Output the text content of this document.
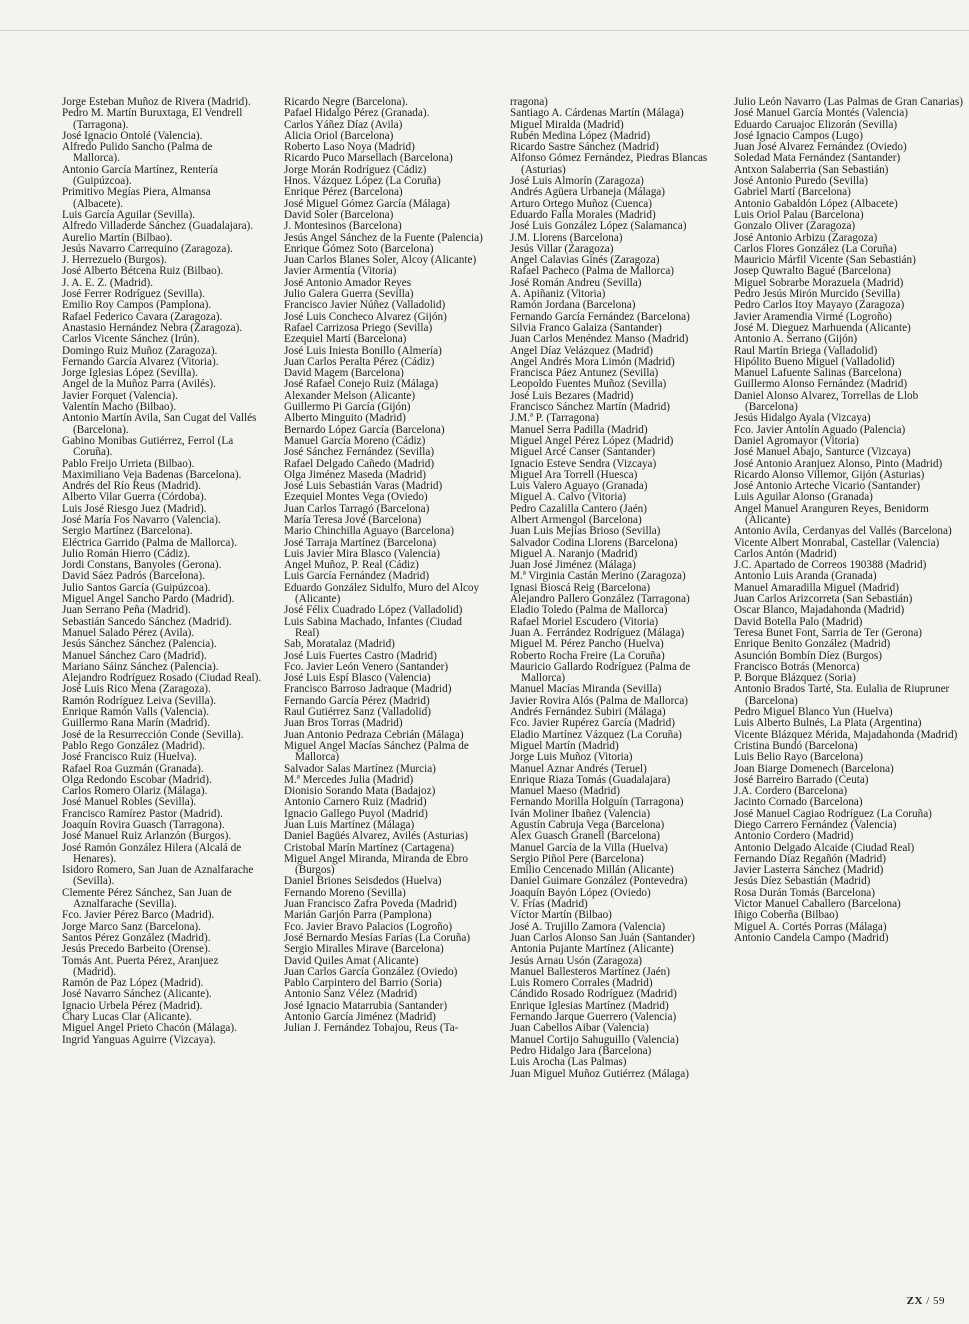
Jorge Esteban Muñoz de Rivera (Madrid).
Pedro M. Martín Buruxtaga, El Vendrell (Tarragona).
José Ignacio Ontolé (Valencia).
Alfredo Pulido Sancho (Palma de Mallorca).
Antonio García Martínez, Rentería (Guipúzcoa).
Primitivo Megías Piera, Almansa (Albacete).
Luis García Aguilar (Sevilla).
Alfredo Villaderde Sánchez (Guadalajara).
Aurelio Martín (Bilbao).
Jesús Navarro Carrequino (Zaragoza).
J. Herrezuelo (Burgos).
José Alberto Bétcena Ruiz (Bilbao).
J. A. E. Z. (Madrid).
José Ferrer Rodríguez (Sevilla).
Emilio Roy Campos (Pamplona).
Rafael Federico Cavara (Zaragoza).
Anastasio Hernández Nebra (Zaragoza).
Carlos Vicente Sánchez (Irún).
Domingo Ruiz Muñoz (Zaragoza).
Fernando García Alvarez (Vitoria).
Jorge Iglesias López (Sevilla).
Angel de la Muñoz Parra (Avilés).
Javier Forquet (Valencia).
Valentín Macho (Bilbao).
Antonio Martín Avila, San Cugat del Vallés (Barcelona).
Gabino Monibas Gutiérrez, Ferrol (La Coruña).
Pablo Freijo Urrieta (Bilbao).
Maximiliano Veja Badenas (Barcelona).
Andrés del Río Reus (Madrid).
Alberto Vilar Guerra (Córdoba).
Luis José Riesgo Juez (Madrid).
José María Fos Navarro (Valencia).
Sergio Martínez (Barcelona).
Eléctrica Garrido (Palma de Mallorca).
Julio Román Hierro (Cádiz).
Jordi Constans, Banyoles (Gerona).
David Sáez Padrós (Barcelona).
Julio Santos García (Guipúzcoa).
Miguel Angel Sancho Pardo (Madrid).
Juan Serrano Peña (Madrid).
Sebastián Sancedo Sánchez (Madrid).
Manuel Salado Pérez (Avila).
Jesús Sánchez Sánchez (Palencia).
Manuel Sánchez Caro (Madrid).
Mariano Sáinz Sánchez (Palencia).
Alejandro Rodríguez Rosado (Ciudad Real).
José Luis Rico Mena (Zaragoza).
Ramón Rodríguez Leiva (Sevilla).
Enrique Ramón Valls (Valencia).
Guillermo Rana Marín (Madrid).
José de la Resurrección Conde (Sevilla).
Pablo Rego González (Madrid).
José Francisco Ruiz (Huelva).
Rafael Roa Guzmán (Granada).
Olga Redondo Escobar (Madrid).
Carlos Romero Olariz (Málaga).
José Manuel Robles (Sevilla).
Francisco Ramírez Pastor (Madrid).
Joaquín Rovira Guasch (Tarragona).
José Manuel Ruiz Arlanzón (Burgos).
José Ramón González Hilera (Alcalá de Henares).
Isidoro Romero, San Juan de Aznalfarache (Sevilla).
Clemente Pérez Sánchez, San Juan de Aznalfarache (Sevilla).
Fco. Javier Pérez Barco (Madrid).
Jorge Marco Sanz (Barcelona).
Santos Pérez González (Madrid).
Jesús Precedo Barbeito (Orense).
Tomás Ant. Puerta Pérez, Aranjuez (Madrid).
Ramón de Paz López (Madrid).
José Navarro Sánchez (Alicante).
Ignacio Urbela Pérez (Madrid).
Chary Lucas Clar (Alicante).
Miguel Angel Prieto Chacón (Málaga).
Ingrid Yanguas Aguirre (Vizcaya).
Ricardo Negre (Barcelona).
Pafael Hidalgo Pérez (Granada).
Carlos Yáñez Díaz (Avila)
Alicia Oriol (Barcelona)
Roberto Laso Noya (Madrid)
Ricardo Puco Marsellach (Barcelona)
Jorge Morán Rodríguez (Cádiz)
Hnos. Vázquez López (La Coruña)
Enrique Pérez (Barcelona)
José Miguel Gómez García (Málaga)
David Soler (Barcelona)
J. Montesinos (Barcelona)
Jesús Angel Sánchez de la Fuente (Palencia)
Enrique Gómez Soto (Barcelona)
Juan Carlos Blanes Soler, Alcoy (Alicante)
Javier Armentía (Vitoria)
José Antonio Amador Reyes
Julio Galera Guerra (Sevilla)
Francisco Javier Núñez (Valladolid)
José Luis Concheco Alvarez (Gijón)
Rafael Carrizosa Priego (Sevilla)
Ezequiel Martí (Barcelona)
José Luis Iniesta Bonillo (Almería)
Juan Carlos Peralta Pérez (Cádiz)
David Magem (Barcelona)
José Rafael Conejo Ruiz (Málaga)
Alexander Melson (Alicante)
Guillermo Pi García (Gijón)
Alberto Minguito (Madrid)
Bernardo López García (Barcelona)
Manuel García Moreno (Cádiz)
José Sánchez Fernández (Sevilla)
Rafael Delgado Cañedo (Madrid)
Olga Jiménez Maseda (Madrid)
José Luis Sebastián Varas (Madrid)
Ezequiel Montes Vega (Oviedo)
Juan Carlos Tarragó (Barcelona)
María Teresa Jové (Barcelona)
Mario Chinchilla Aguayo (Barcelona)
José Tarraja Martínez (Barcelona)
Luis Javier Mira Blasco (Valencia)
Angel Muñoz, P. Real (Cádiz)
Luis García Fernández (Madrid)
Eduardo González Sidulfo, Muro del Alcoy (Alicante)
José Félix Cuadrado López (Valladolid)
Luis Sabina Machado, Infantes (Ciudad Real)
Sab, Moratalaz (Madrid)
José Luis Fuertes Castro (Madrid)
Fco. Javier León Venero (Santander)
José Luis Espí Blasco (Valencia)
Francisco Barroso Jadraque (Madrid)
Fernando García Pérez (Madrid)
Raul Gutiérrez Sanz (Valladolid)
Juan Bros Torras (Madrid)
Juan Antonio Pedraza Cebrián (Málaga)
Miguel Angel Macías Sánchez (Palma de Mallorca)
Salvador Salas Martínez (Murcia)
M.ª Mercedes Julia (Madrid)
Dionisio Sorando Mata (Badajoz)
Antonio Carnero Ruiz (Madrid)
Ignacio Gallego Puyol (Madrid)
Juan Luis Martínez (Málaga)
Daniel Bagüés Alvarez, Avilés (Asturias)
Cristobal Marín Martínez (Cartagena)
Miguel Angel Miranda, Miranda de Ebro (Burgos)
Daniel Briones Seisdedos (Huelva)
Fernando Moreno (Sevilla)
Juan Francisco Zafra Poveda (Madrid)
Marián Garjón Parra (Pamplona)
Fco. Javier Bravo Palacios (Logroño)
José Bernardo Mesías Farías (La Coruña)
Sergio Miralles Mirave (Barcelona)
David Quiles Amat (Alicante)
Juan Carlos García González (Oviedo)
Pablo Carpintero del Barrio (Soria)
Antonio Sanz Vélez (Madrid)
José Ignacio Matarrubia (Santander)
Antonio García Jiménez (Madrid)
Julian J. Fernández Tobajou, Reus (Ta-
rragona)
Santiago A. Cárdenas Martín (Málaga)
Miguel Miralda (Madrid)
Rubén Medina López (Madrid)
Ricardo Sastre Sánchez (Madrid)
Alfonso Gómez Fernández, Piedras Blancas (Asturias)
José Luis Almorín (Zaragoza)
Andrés Agüera Urbaneja (Málaga)
Arturo Ortego Muñoz (Cuenca)
Eduardo Falla Morales (Madrid)
José Luis González López (Salamanca)
J.M. Llorens (Barcelona)
Jesús Villar (Zaragoza)
Angel Calavias Ginés (Zaragoza)
Rafael Pacheco (Palma de Mallorca)
José Román Andreu (Sevilla)
A. Apiñaniz (Vitoria)
Ramón Jordana (Barcelona)
Fernando García Fernández (Barcelona)
Silvia Franco Galaiza (Santander)
Juan Carlos Menéndez Manso (Madrid)
Angel Díaz Velázquez (Madrid)
Angel Andrés Mora Limón (Madrid)
Francisca Páez Antunez (Sevilla)
Leopoldo Fuentes Muñoz (Sevilla)
José Luis Bezares (Madrid)
Francisco Sánchez Martín (Madrid)
J.M.ª P. (Tarragona)
Manuel Serra Padilla (Madrid)
Miguel Angel Pérez López (Madrid)
Miguel Arcé Canser (Santander)
Ignacio Esteve Sendra (Vizcaya)
Miguel Ara Torrell (Huesca)
Luis Valero Aguayo (Granada)
Miguel A. Calvo (Vitoria)
Pedro Cazalilla Cantero (Jaén)
Albert Armengol (Barcelona)
Juan Luis Mejías Brioso (Sevilla)
Salvador Codina Llorens (Barcelona)
Miguel A. Naranjo (Madrid)
Juan José Jiménez (Málaga)
M.ª Virginia Castán Merino (Zaragoza)
Ignasi Bioscá Reig (Barcelona)
Alejandro Pallero González (Tarragona)
Eladio Toledo (Palma de Mallorca)
Rafael Moriel Escudero (Vitoria)
Juan A. Ferrández Rodríguez (Málaga)
Miguel M. Pérez Pancho (Huelva)
Roberto Rocha Freire (La Coruña)
Mauricio Gallardo Rodríguez (Palma de Mallorca)
Manuel Macías Miranda (Sevilla)
Javier Rovira Alós (Palma de Mallorca)
Andrés Fernández Subiri (Málaga)
Fco. Javier Rupérez García (Madrid)
Eladio Martínez Vázquez (La Coruña)
Miguel Martín (Madrid)
Jorge Luis Muñoz (Vitoria)
Manuel Aznar Andrés (Teruel)
Enrique Riaza Tomás (Guadalajara)
Manuel Maeso (Madrid)
Fernando Morilla Holguín (Tarragona)
Iván Moliner Ibañez (Valencia)
Agustín Cabruja Vega (Barcelona)
Alex Guasch Granell (Barcelona)
Manuel García de la Villa (Huelva)
Sergio Piñol Pere (Barcelona)
Emilio Cencenado Millán (Alicante)
Daniel Guimare González (Pontevedra)
Joaquín Bayón López (Oviedo)
V. Frías (Madrid)
Víctor Martín (Bilbao)
José A. Trujillo Zamora (Valencia)
Juan Carlos Alonso San Juán (Santander)
Antonia Pujante Martínez (Alicante)
Jesús Arnau Usón (Zaragoza)
Manuel Ballesteros Martínez (Jaén)
Luis Romero Corrales (Madrid)
Cándido Rosado Rodríguez (Madrid)
Enrique Iglesias Martínez (Madrid)
Fernando Jarque Guerrero (Valencia)
Juan Cabellos Aibar (Valencia)
Manuel Cortijo Sahuguillo (Valencia)
Pedro Hidalgo Jara (Barcelona)
Luis Arocha (Las Palmas)
Juan Miguel Muñoz Gutiérrez (Málaga)
Julio León Navarro (Las Palmas de Gran Canarias)
José Manuel García Montés (Valencia)
Eduardo Caruajoc Elizorán (Sevilla)
José Ignacio Campos (Lugo)
Juan José Alvarez Fernández (Oviedo)
Soledad Mata Fernández (Santander)
Antxon Salaberria (San Sebastián)
José Antonio Puredo (Sevilla)
Gabriel Martí (Barcelona)
Antonio Gabaldón López (Albacete)
Luis Oriol Palau (Barcelona)
Gonzalo Oliver (Zaragoza)
José Antonio Arbizu (Zaragoza)
Carlos Flores González (La Coruña)
Mauricio Márfil Vicente (San Sebastián)
Josep Quwralto Bagué (Barcelona)
Miguel Sobrarbe Morazuela (Madrid)
Pedro Jesús Mirón Murcido (Sevilla)
Pedro Carlos Itoy Mayayo (Zaragoza)
Javier Aramendia Virmé (Logroño)
José M. Dieguez Marhuenda (Alicante)
Antonio A. Serrano (Gijón)
Raul Martín Briega (Valladolid)
Hipólito Bueno Miguel (Valladolid)
Manuel Lafuente Salinas (Barcelona)
Guillermo Alonso Fernández (Madrid)
Daniel Alonso Alvarez, Torrellas de Llob (Barcelona)
Jesús Hidalgo Ayala (Vizcaya)
Fco. Javier Antolín Aguado (Palencia)
Daniel Agromayor (Vitoria)
José Manuel Abajo, Santurce (Vizcaya)
José Antonio Aranjuez Alonso, Pinto (Madrid)
Ricardo Alonso Villemor, Gijón (Asturias)
José Antonio Arteche Vicario (Santander)
Luis Aguilar Alonso (Granada)
Angel Manuel Aranguren Reyes, Benidorm (Alicante)
Antonio Avila, Cerdanyas del Vallés (Barcelona)
Vicente Albert Monrabal, Castellar (Valencia)
Carlos Antón (Madrid)
J.C. Apartado de Correos 190388 (Madrid)
Antonio Luis Aranda (Granada)
Manuel Amaradilla Miguel (Madrid)
Juan Carlos Arizcorreta (San Sebastián)
Oscar Blanco, Majadahonda (Madrid)
David Botella Palo (Madrid)
Teresa Bunet Font, Sarria de Ter (Gerona)
Enrique Benito González (Madrid)
Asunción Bombín Díez (Burgos)
Francisco Botrás (Menorca)
P. Borque Blázquez (Soria)
Antonio Brados Tarté, Sta. Eulalia de Riupruner (Barcelona)
Pedro Miguel Blanco Yun (Huelva)
Luis Alberto Bulnés, La Plata (Argentina)
Vicente Blázquez Mérida, Majadahonda (Madrid)
Cristina Bundó (Barcelona)
Luis Belio Rayo (Barcelona)
Joan Biarge Domenech (Barcelona)
José Barreiro Barrado (Ceuta)
J.A. Cordero (Barcelona)
Jacinto Cornado (Barcelona)
José Manuel Cagiao Rodríguez (La Coruña)
Diego Carrero Fernández (Valencia)
Antonio Cordero (Madrid)
Antonio Delgado Alcaide (Ciudad Real)
Fernando Díaz Regañón (Madrid)
Javier Lasterra Sánchez (Madrid)
Jesús Díez Sebastián (Madrid)
Rosa Durán Tomás (Barcelona)
Victor Manuel Caballero (Barcelona)
Iñigo Coberña (Bilbao)
Miguel A. Cortés Porras (Málaga)
Antonio Candela Campo (Madrid)
ZX / 59
